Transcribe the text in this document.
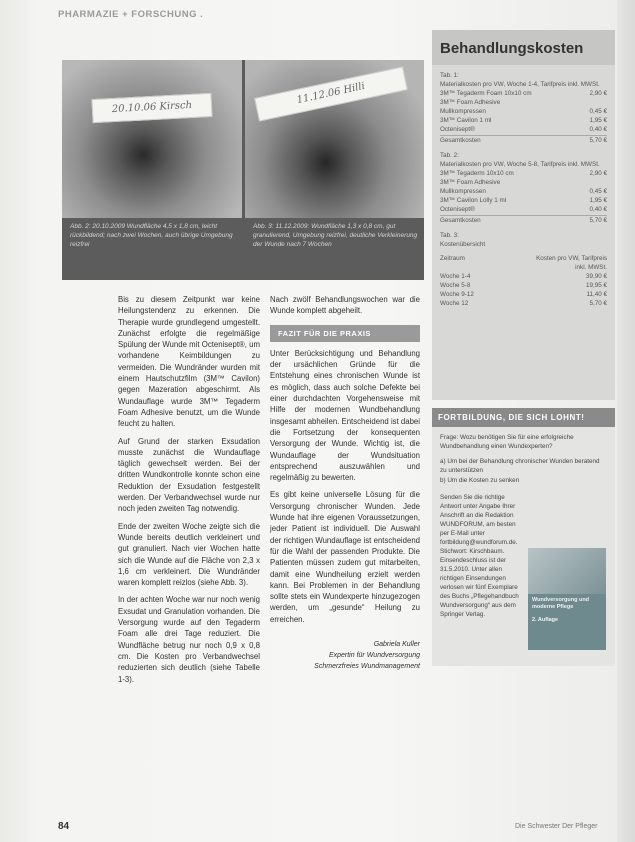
PHARMAZIE + FORSCHUNG .
20.10.06 Kirsch
11.12.06 Hilli
Abb. 2: 20.10.2009 Wundfläche 4,5 x 1,8 cm, leicht rückbildend; nach zwei Wochen, auch übrige Umgebung reizfrei
Abb. 3: 11.12.2009: Wundfläche 1,3 x 0,8 cm, gut granulierend, Umgebung reizfrei, deutliche Verkleinerung der Wunde nach 7 Wochen

Bis zu diesem Zeitpunkt war keine Heilungstendenz zu erkennen. Die Therapie wurde grundlegend umgestellt. Zunächst erfolgte die regelmäßige Spülung der Wunde mit Octenisept®, um vorhandene Keimbildungen zu vermeiden. Die Wundränder wurden mit einem Hautschutzfilm (3M™ Cavilon) gegen Mazeration abgeschirmt. Als Wundauflage wurde 3M™ Tegaderm Foam Adhesive benutzt, um die Wunde feucht zu halten.

Auf Grund der starken Exsudation musste zunächst die Wundauflage täglich gewechselt werden. Bei der dritten Wundkontrolle konnte schon eine Reduktion der Exsudation festgestellt werden. Der Verbandwechsel wurde nur noch jeden zweiten Tag notwendig.

Ende der zweiten Woche zeigte sich die Wunde bereits deutlich verkleinert und gut granuliert. Nach vier Wochen hatte sich die Wunde auf die Fläche von 2,3 x 1,6 cm verkleinert. Die Wundränder waren komplett reizlos (siehe Abb. 3).

In der achten Woche war nur noch wenig Exsudat und Granulation vorhanden. Die Versorgung wurde auf den Tegaderm Foam alle drei Tage reduziert. Die Wundfläche betrug nur noch 0,9 x 0,8 cm. Die Kosten pro Verbandwechsel reduzierten sich deutlich (siehe Tabelle 1-3).

Nach zwölf Behandlungswochen war die Wunde komplett abgeheilt.

FAZIT FÜR DIE PRAXIS

Unter Berücksichtigung und Behandlung der ursächlichen Gründe für die Entstehung eines chronischen Wunde ist es möglich, dass auch solche Defekte bei einer durchdachten Vorgehensweise mit Hilfe der modernen Wundbehandlung insgesamt abheilen. Entscheidend ist dabei die Fortsetzung der konsequenten Versorgung der Wunde. Wichtig ist, die Wundauflage der Wundsituation entsprechend auszuwählen und regelmäßig zu bewerten.

Es gibt keine universelle Lösung für die Versorgung chronischer Wunden. Jede Wunde hat ihre eigenen Voraussetzungen, jeder Patient ist individuell. Die Auswahl der richtigen Wundauflage ist entscheidend für die Wahl der passenden Produkte. Die Patienten müssen zudem gut mitarbeiten, damit eine Wundheilung erzielt werden kann. Bei Problemen in der Behandlung sollte stets ein Wundexperte hinzugezogen werden, um „gesunde“ Heilung zu erreichen.

Gabriela Kuller
Expertin für Wundversorgung
Schmerzfreies Wundmanagement
Behandlungskosten
Tab. 1:
Materialkosten pro VW, Woche 1-4, Tarifpreis inkl. MWSt.
3M™ Tegaderm Foam 10x10 cm	2,90 €
3M™ Foam Adhesive
Mullkompressen	0,45 €
3M™ Cavilon 1 ml	1,95 €
Octenisept®	0,40 €
Gesamtkosten	5,70 €
Tab. 2:
Materialkosten pro VW, Woche 5-8, Tarifpreis inkl. MWSt.
3M™ Tegaderm 10x10 cm	2,90 €
3M™ Foam Adhesive
Mullkompressen	0,45 €
3M™ Cavilon Lolly 1 ml	1,95 €
Octenisept®	0,40 €
Gesamtkosten	5,70 €
Tab. 3:
Kostenübersicht
Zeitraum	Kosten pro VW, Tarifpreis inkl. MWSt.
Woche 1-4	39,90 €
Woche 5-8	19,95 €
Woche 9-12	11,40 €
Woche 12	5,70 €
FORTBILDUNG, DIE SICH LOHNT!
Frage: Wozu benötigen Sie für eine erfolgreiche Wundbehandlung einen Wundexperten?
a) Um bei der Behandlung chronischer Wunden beratend zu unterstützen
b) Um die Kosten zu senken
Senden Sie die richtige Antwort unter Angabe Ihrer Anschrift an die Redaktion WUNDFORUM, am besten per E-Mail unter fortbildung@wundforum.de. Stichwort: Kirschbaum. Einsendeschluss ist der 31.5.2010. Unter allen richtigen Einsendungen verlosen wir fünf Exemplare des Buchs „Pflegehandbuch Wundversorgung“ aus dem Springer Verlag.
Wundversorgung und moderne Pflege
2. Auflage
84	Die Schwester Der Pfleger
